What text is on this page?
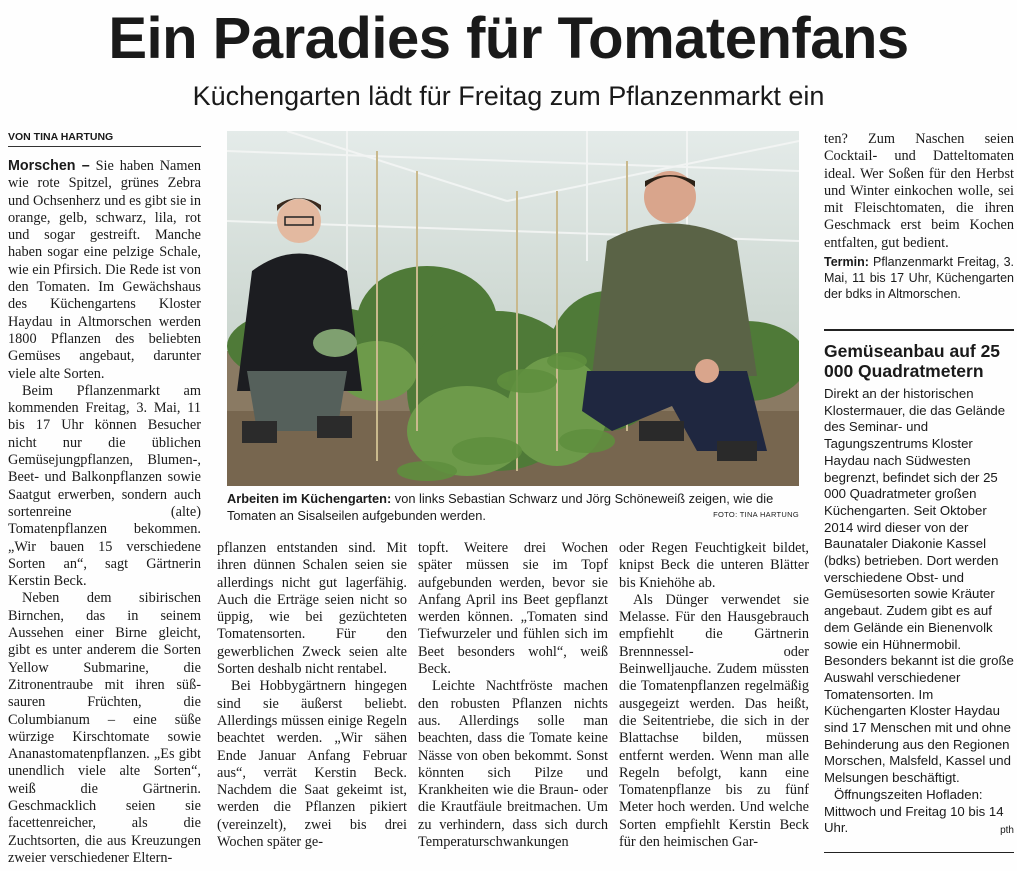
Ein Paradies für Tomatenfans
Küchengarten lädt für Freitag zum Pflanzenmarkt ein
VON TINA HARTUNG

Morschen – Sie haben Namen wie rote Spitzel, grünes Zebra und Ochsenherz und es gibt sie in orange, gelb, schwarz, lila, rot und sogar gestreift. Manche haben sogar eine pelzige Schale, wie ein Pfirsich. Die Rede ist von den Tomaten. Im Gewächshaus des Küchengartens Kloster Haydau in Altmorschen werden 1800 Pflanzen des beliebten Gemüses angebaut, darunter viele alte Sorten.

Beim Pflanzenmarkt am kommenden Freitag, 3. Mai, 11 bis 17 Uhr können Besucher nicht nur die üblichen Gemüsejungpflanzen, Blumen-, Beet- und Balkonpflanzen sowie Saatgut erwerben, sondern auch sortenreine (alte) Tomatenpflanzen bekommen. „Wir bauen 15 verschiedene Sorten an“, sagt Gärtnerin Kerstin Beck.

Neben dem sibirischen Birnchen, das in seinem Aussehen einer Birne gleicht, gibt es unter anderem die Sorten Yellow Submarine, die Zitronentraube mit ihren süß-sauren Früchten, die Columbianum – eine süße würzige Kirschtomate sowie Ananastomatenpflanzen. „Es gibt unendlich viele alte Sorten“, weiß die Gärtnerin. Geschmacklich seien sie facettenreicher, als die Zuchtsorten, die aus Kreuzungen zweier verschiedener Eltern-

Arbeiten im Küchengarten: von links Sebastian Schwarz und Jörg Schöneweiß zeigen, wie die Tomaten an Sisalseilen aufgebunden werden.	FOTO: TINA HARTUNG

pflanzen entstanden sind. Mit ihren dünnen Schalen seien sie allerdings nicht gut lagerfähig. Auch die Erträge seien nicht so üppig, wie bei gezüchteten Tomatensorten. Für den gewerblichen Zweck seien alte Sorten deshalb nicht rentabel.

Bei Hobbygärtnern hingegen sind sie äußerst beliebt. Allerdings müssen einige Regeln beachtet werden. „Wir sähen Ende Januar Anfang Februar aus“, verrät Kerstin Beck. Nachdem die Saat gekeimt ist, werden die Pflanzen pikiert (vereinzelt), zwei bis drei Wochen später ge-

topft. Weitere drei Wochen später müssen sie im Topf aufgebunden werden, bevor sie Anfang April ins Beet gepflanzt werden können. „Tomaten sind Tiefwurzeler und fühlen sich im Beet besonders wohl“, weiß Beck.

Leichte Nachtfröste machen den robusten Pflanzen nichts aus. Allerdings solle man beachten, dass die Tomate keine Nässe von oben bekommt. Sonst könnten sich Pilze und Krankheiten wie die Braun- oder die Krautfäule breitmachen. Um zu verhindern, dass sich durch Temperaturschwankungen

oder Regen Feuchtigkeit bildet, knipst Beck die unteren Blätter bis Kniehöhe ab.

Als Dünger verwendet sie Melasse. Für den Hausgebrauch empfiehlt die Gärtnerin Brennnessel- oder Beinwelljauche. Zudem müssten die Tomatenpflanzen regelmäßig ausgegeizt werden. Das heißt, die Seitentriebe, die sich in der Blattachse bilden, müssen entfernt werden. Wenn man alle Regeln befolgt, kann eine Tomatenpflanze bis zu fünf Meter hoch werden. Und welche Sorten empfiehlt Kerstin Beck für den heimischen Gar-

ten? Zum Naschen seien Cocktail- und Datteltomaten ideal. Wer Soßen für den Herbst und Winter einkochen wolle, sei mit Fleischtomaten, die ihren Geschmack erst beim Kochen entfalten, gut bedient.

Termin: Pflanzenmarkt Freitag, 3. Mai, 11 bis 17 Uhr, Küchengarten der bdks in Altmorschen.

Gemüseanbau auf 25 000 Quadratmetern

Direkt an der historischen Klostermauer, die das Gelände des Seminar- und Tagungszentrums Kloster Haydau nach Südwesten begrenzt, befindet sich der 25 000 Quadratmeter großen Küchengarten. Seit Oktober 2014 wird dieser von der Baunataler Diakonie Kassel (bdks) betrieben. Dort werden verschiedene Obst- und Gemüsesorten sowie Kräuter angebaut. Zudem gibt es auf dem Gelände ein Bienenvolk sowie ein Hühnermobil. Besonders bekannt ist die große Auswahl verschiedener Tomatensorten. Im Küchengarten Kloster Haydau sind 17 Menschen mit und ohne Behinderung aus den Regionen Morschen, Malsfeld, Kassel und Melsungen beschäftigt.

Öffnungszeiten Hofladen: Mittwoch und Freitag 10 bis 14 Uhr.	pth
